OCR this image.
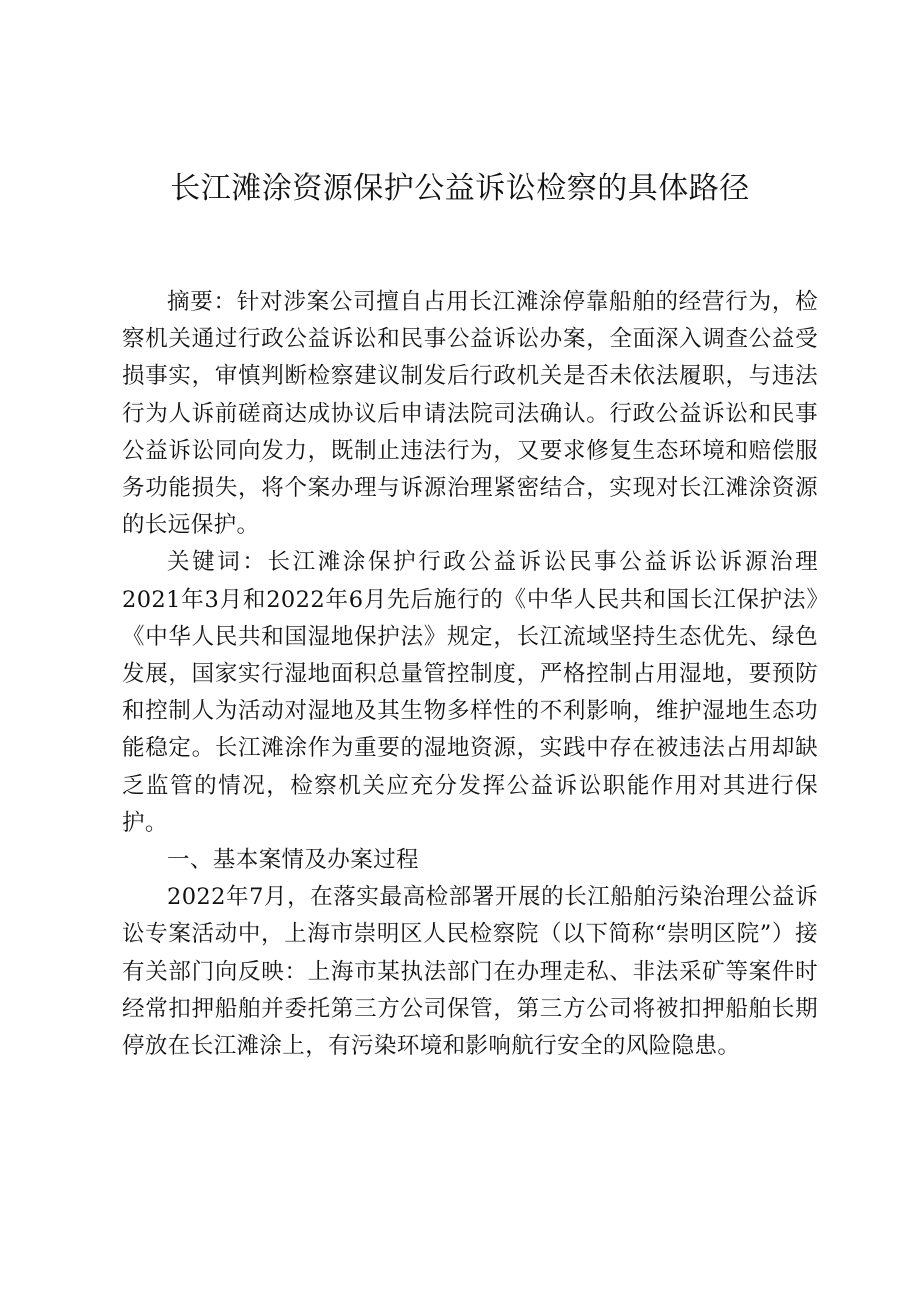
长江滩涂资源保护公益诉讼检察的具体路径

摘要：针对涉案公司擅自占用长江滩涂停靠船舶的经营行为，检察机关通过行政公益诉讼和民事公益诉讼办案，全面深入调查公益受损事实，审慎判断检察建议制发后行政机关是否未依法履职，与违法行为人诉前磋商达成协议后申请法院司法确认。行政公益诉讼和民事公益诉讼同向发力，既制止违法行为，又要求修复生态环境和赔偿服务功能损失，将个案办理与诉源治理紧密结合，实现对长江滩涂资源的长远保护。

关键词：长江滩涂保护行政公益诉讼民事公益诉讼诉源治理2021年3月和2022年6月先后施行的《中华人民共和国长江保护法》《中华人民共和国湿地保护法》规定，长江流域坚持生态优先、绿色发展，国家实行湿地面积总量管控制度，严格控制占用湿地，要预防和控制人为活动对湿地及其生物多样性的不利影响，维护湿地生态功能稳定。长江滩涂作为重要的湿地资源，实践中存在被违法占用却缺乏监管的情况，检察机关应充分发挥公益诉讼职能作用对其进行保护。

一、基本案情及办案过程

2022年7月，在落实最高检部署开展的长江船舶污染治理公益诉讼专案活动中，上海市崇明区人民检察院（以下简称“崇明区院”）接有关部门向反映：上海市某执法部门在办理走私、非法采矿等案件时经常扣押船舶并委托第三方公司保管，第三方公司将被扣押船舶长期停放在长江滩涂上，有污染环境和影响航行安全的风险隐患。
